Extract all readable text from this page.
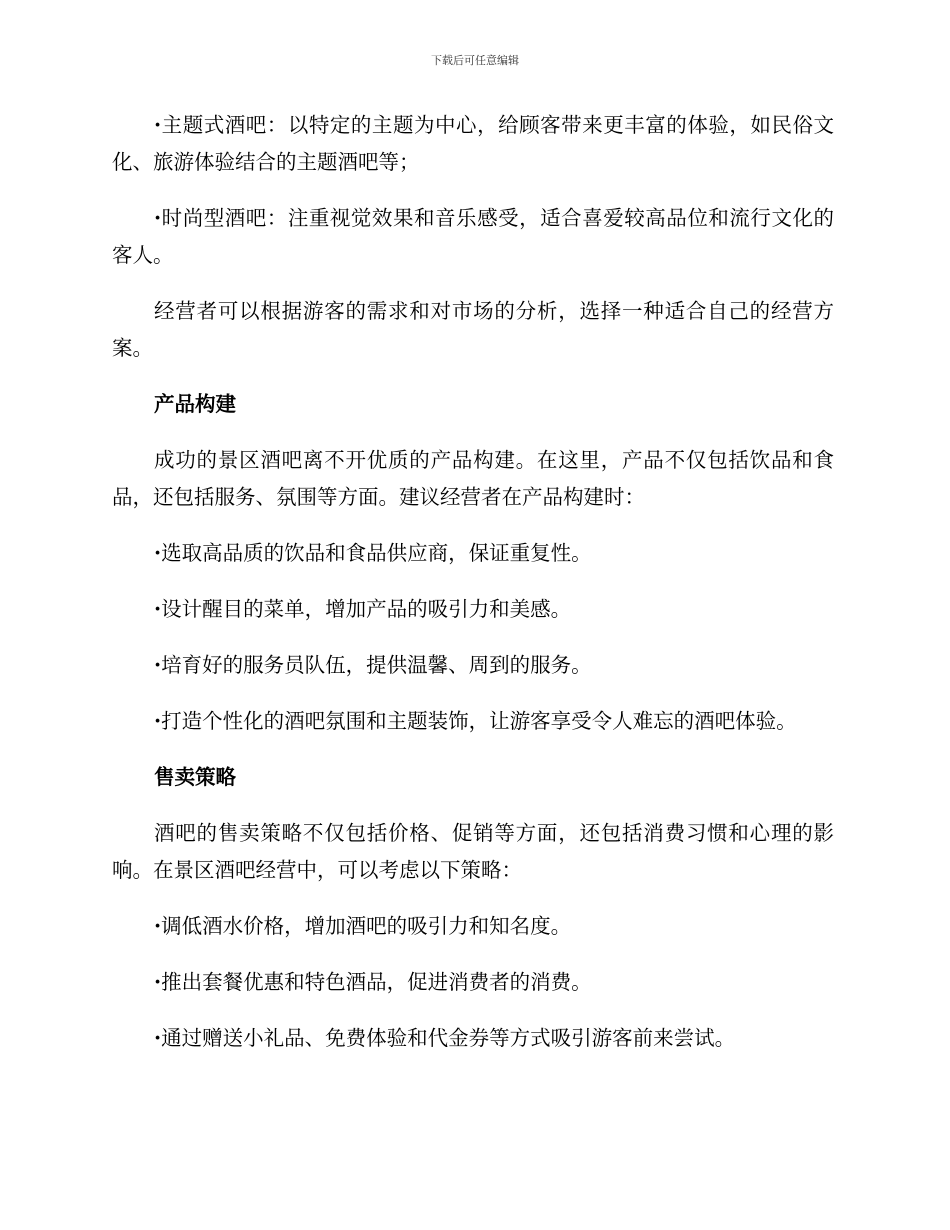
下载后可任意编辑

·主题式酒吧：以特定的主题为中心，给顾客带来更丰富的体验，如民俗文化、旅游体验结合的主题酒吧等；

·时尚型酒吧：注重视觉效果和音乐感受，适合喜爱较高品位和流行文化的客人。

经营者可以根据游客的需求和对市场的分析，选择一种适合自己的经营方案。

产品构建

成功的景区酒吧离不开优质的产品构建。在这里，产品不仅包括饮品和食品，还包括服务、氛围等方面。建议经营者在产品构建时：

·选取高品质的饮品和食品供应商，保证重复性。

·设计醒目的菜单，增加产品的吸引力和美感。

·培育好的服务员队伍，提供温馨、周到的服务。

·打造个性化的酒吧氛围和主题装饰，让游客享受令人难忘的酒吧体验。

售卖策略

酒吧的售卖策略不仅包括价格、促销等方面，还包括消费习惯和心理的影响。在景区酒吧经营中，可以考虑以下策略：

·调低酒水价格，增加酒吧的吸引力和知名度。

·推出套餐优惠和特色酒品，促进消费者的消费。

·通过赠送小礼品、免费体验和代金券等方式吸引游客前来尝试。
